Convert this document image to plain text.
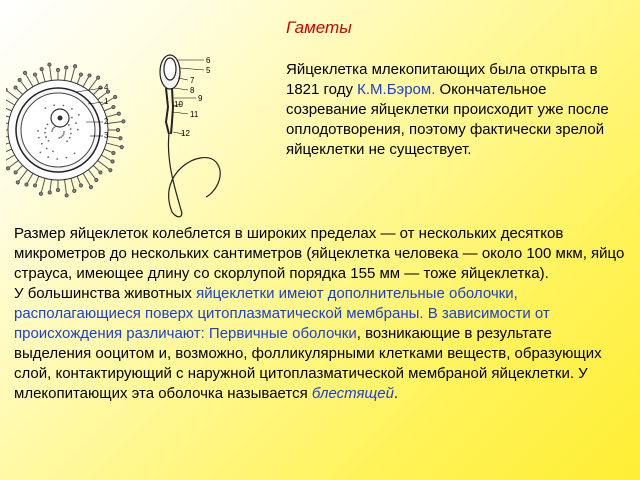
Гаметы
4
1
2
3
6
5
7
8
9
10
11
12
Яйцеклетка млекопитающих была открыта в 1821 году К.М.Бэром. Окончательное созревание яйцеклетки происходит уже после оплодотворения, поэтому фактически зрелой яйцеклетки не существует.

Размер яйцеклеток колеблется в широких пределах — от нескольких десятков микрометров до нескольких сантиметров (яйцеклетка человека — около 100 мкм, яйцо страуса, имеющее длину со скорлупой порядка 155 мм — тоже яйцеклетка).

У большинства животных яйцеклетки имеют дополнительные оболочки, располагающиеся поверх цитоплазматической мембраны. В зависимости от происхождения различают: Первичные оболочки, возникающие в результате выделения ооцитом и, возможно, фолликулярными клетками веществ, образующих слой, контактирующий с наружной цитоплазматической мембраной яйцеклетки. У млекопитающих эта оболочка называется блестящей.
